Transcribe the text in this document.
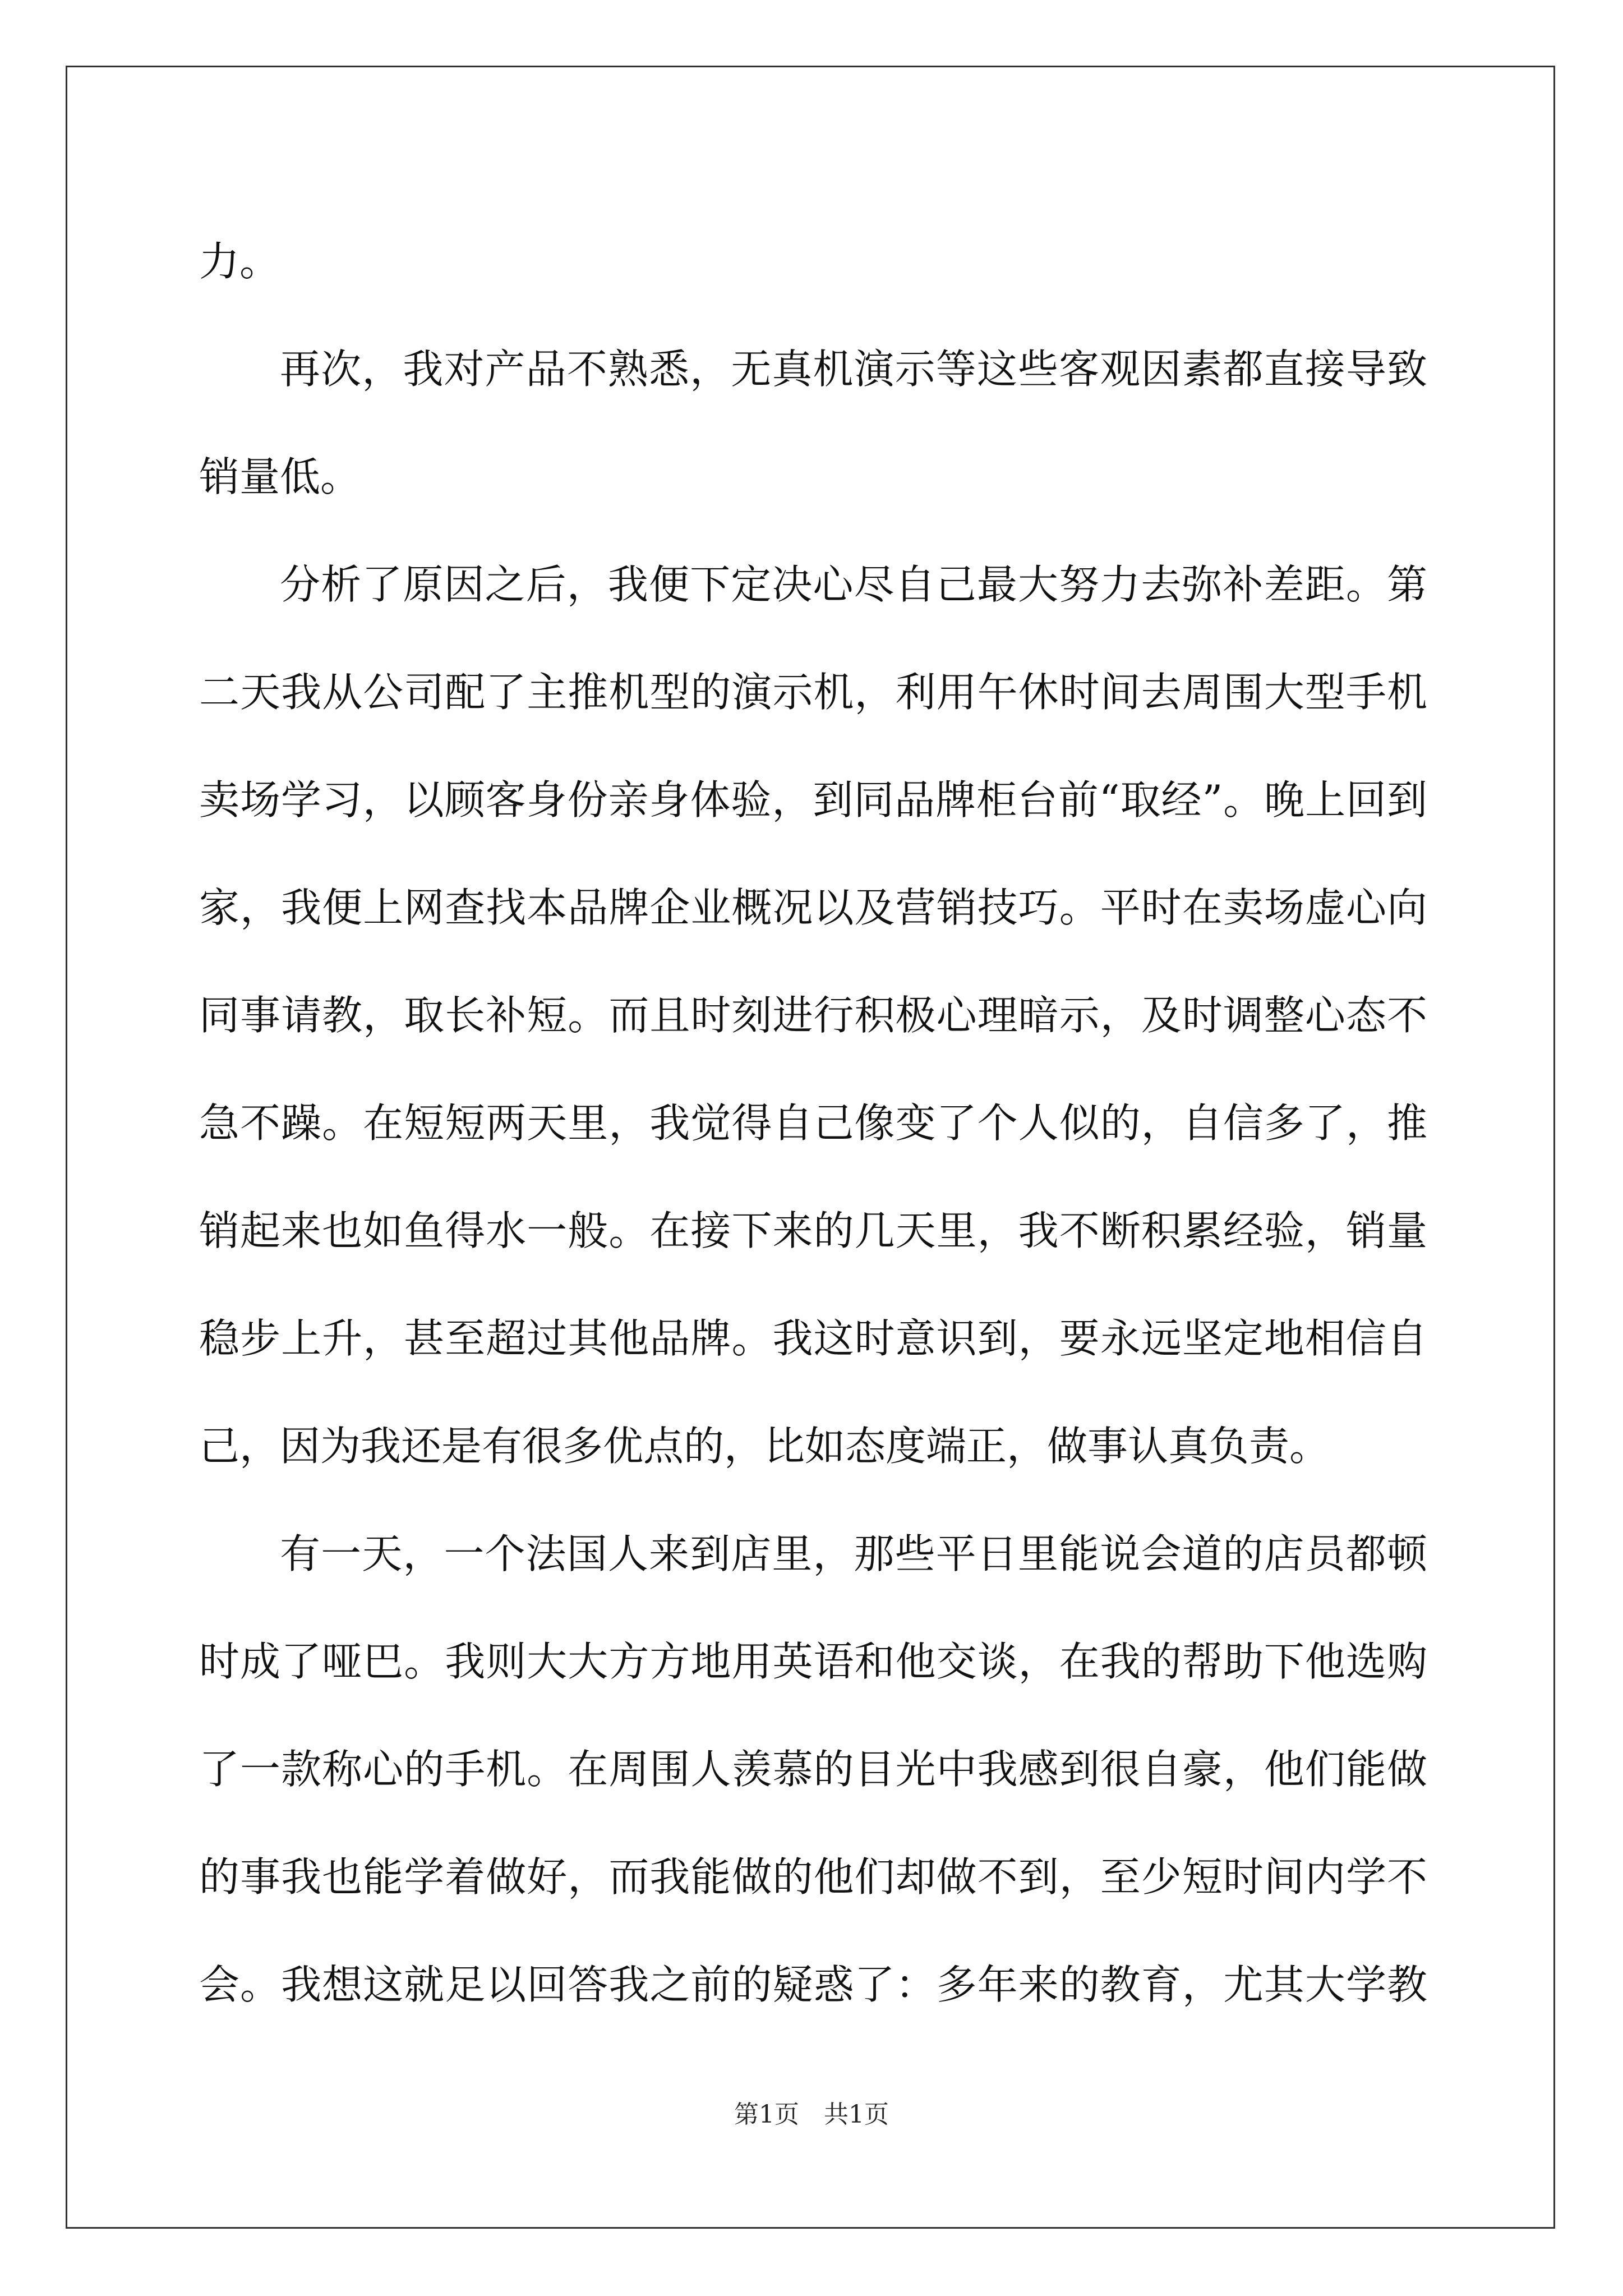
力。
再次，我对产品不熟悉，无真机演示等这些客观因素都直接导致
销量低。
分析了原因之后，我便下定决心尽自己最大努力去弥补差距。第
二天我从公司配了主推机型的演示机，利用午休时间去周围大型手机
卖场学习，以顾客身份亲身体验，到同品牌柜台前“取经”。晚上回到
家，我便上网查找本品牌企业概况以及营销技巧。平时在卖场虚心向
同事请教，取长补短。而且时刻进行积极心理暗示，及时调整心态不
急不躁。在短短两天里，我觉得自己像变了个人似的，自信多了，推
销起来也如鱼得水一般。在接下来的几天里，我不断积累经验，销量
稳步上升，甚至超过其他品牌。我这时意识到，要永远坚定地相信自
己，因为我还是有很多优点的，比如态度端正，做事认真负责。
有一天，一个法国人来到店里，那些平日里能说会道的店员都顿
时成了哑巴。我则大大方方地用英语和他交谈，在我的帮助下他选购
了一款称心的手机。在周围人羡慕的目光中我感到很自豪，他们能做
的事我也能学着做好，而我能做的他们却做不到，至少短时间内学不
会。我想这就足以回答我之前的疑惑了：多年来的教育，尤其大学教
第1页 共1页
